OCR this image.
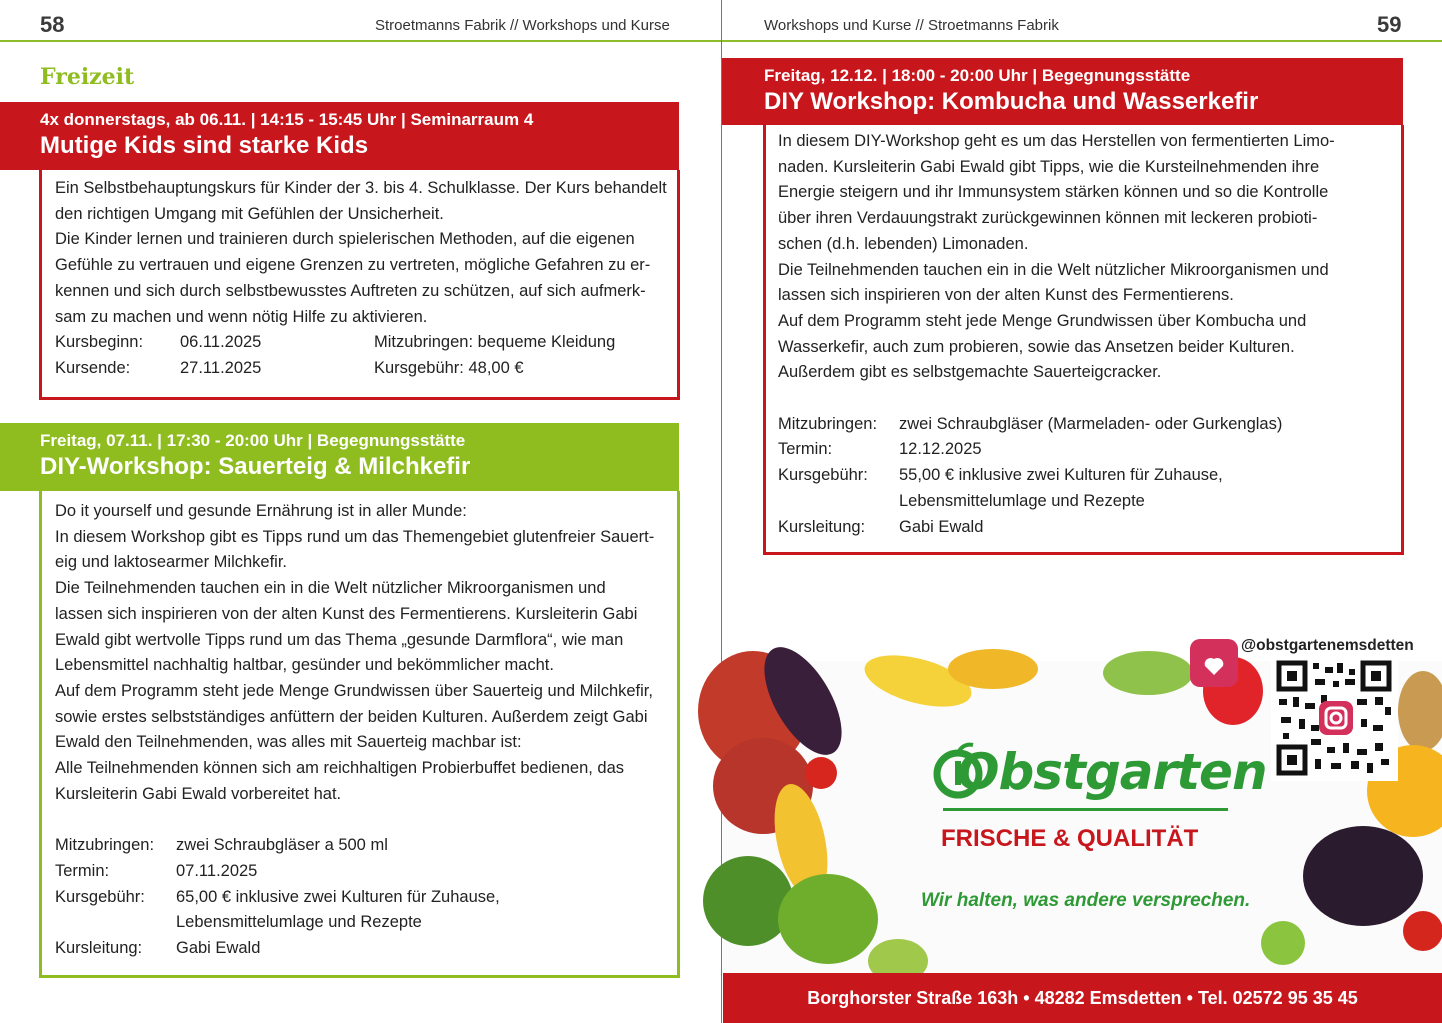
58	Stroetmanns Fabrik // Workshops und Kurse	Workshops und Kurse // Stroetmanns Fabrik	59
Freizeit
4x donnerstags, ab 06.11. | 14:15 - 15:45 Uhr | Seminarraum 4
Mutige Kids sind starke Kids

Ein Selbstbehauptungskurs für Kinder der 3. bis 4. Schulklasse. Der Kurs behandelt

den richtigen Umgang mit Gefühlen der Unsicherheit.

Die Kinder lernen und trainieren durch spielerischen Methoden, auf die eigenen

Gefühle zu vertrauen und eigene Grenzen zu vertreten, mögliche Gefahren zu er-

kennen und sich durch selbstbewusstes Auftreten zu schützen, auf sich aufmerk-

sam zu machen und wenn nötig Hilfe zu aktivieren.

Kursbeginn:	06.11.2025	Mitzubringen: bequeme Kleidung
Kursende:	27.11.2025	Kursgebühr: 48,00 €
Freitag, 07.11. | 17:30 - 20:00 Uhr | Begegnungsstätte
DIY-Workshop: Sauerteig & Milchkefir

Do it yourself und gesunde Ernährung ist in aller Munde:

In diesem Workshop gibt es Tipps rund um das Themengebiet glutenfreier Sauert-

eig und laktosearmer Milchkefir.

Die Teilnehmenden tauchen ein in die Welt nützlicher Mikroorganismen und

lassen sich inspirieren von der alten Kunst des Fermentierens. Kursleiterin Gabi

Ewald gibt wertvolle Tipps rund um das Thema „gesunde Darmflora“, wie man

Lebensmittel nachhaltig haltbar, gesünder und bekömmlicher macht.

Auf dem Programm steht jede Menge Grundwissen über Sauerteig und Milchkefir,

sowie erstes selbstständiges anfüttern der beiden Kulturen. Außerdem zeigt Gabi

Ewald den Teilnehmenden, was alles mit Sauerteig machbar ist:

Alle Teilnehmenden können sich am reichhaltigen Probierbuffet bedienen, das

Kursleiterin Gabi Ewald vorbereitet hat.

Mitzubringen:	zwei Schraubgläser a 500 ml
Termin:	07.11.2025
Kursgebühr:	65,00 € inklusive zwei Kulturen für Zuhause,
Lebensmittelumlage und Rezepte
Kursleitung:	Gabi Ewald
Freitag, 12.12. | 18:00 - 20:00 Uhr | Begegnungsstätte
DIY Workshop: Kombucha und Wasserkefir

In diesem DIY-Workshop geht es um das Herstellen von fermentierten Limo-

naden. Kursleiterin Gabi Ewald gibt Tipps, wie die Kursteilnehmenden ihre

Energie steigern und ihr Immunsystem stärken können und so die Kontrolle

über ihren Verdauungstrakt zurückgewinnen können mit leckeren probioti-

schen (d.h. lebenden) Limonaden.

Die Teilnehmenden tauchen ein in die Welt nützlicher Mikroorganismen und

lassen sich inspirieren von der alten Kunst des Fermentierens.

Auf dem Programm steht jede Menge Grundwissen über Kombucha und

Wasserkefir, auch zum probieren, sowie das Ansetzen beider Kulturen.

Außerdem gibt es selbstgemachte Sauerteigcracker.

Mitzubringen:	zwei Schraubgläser (Marmeladen- oder Gurkenglas)
Termin:	12.12.2025
Kursgebühr:	55,00 € inklusive zwei Kulturen für Zuhause,
Lebensmittelumlage und Rezepte
Kursleitung:	Gabi Ewald
@obstgartenemsdetten
Obstgarten
FRISCHE & QUALITÄT
Wir halten, was andere versprechen.
Borghorster Straße 163h • 48282 Emsdetten • Tel. 02572 95 35 45
